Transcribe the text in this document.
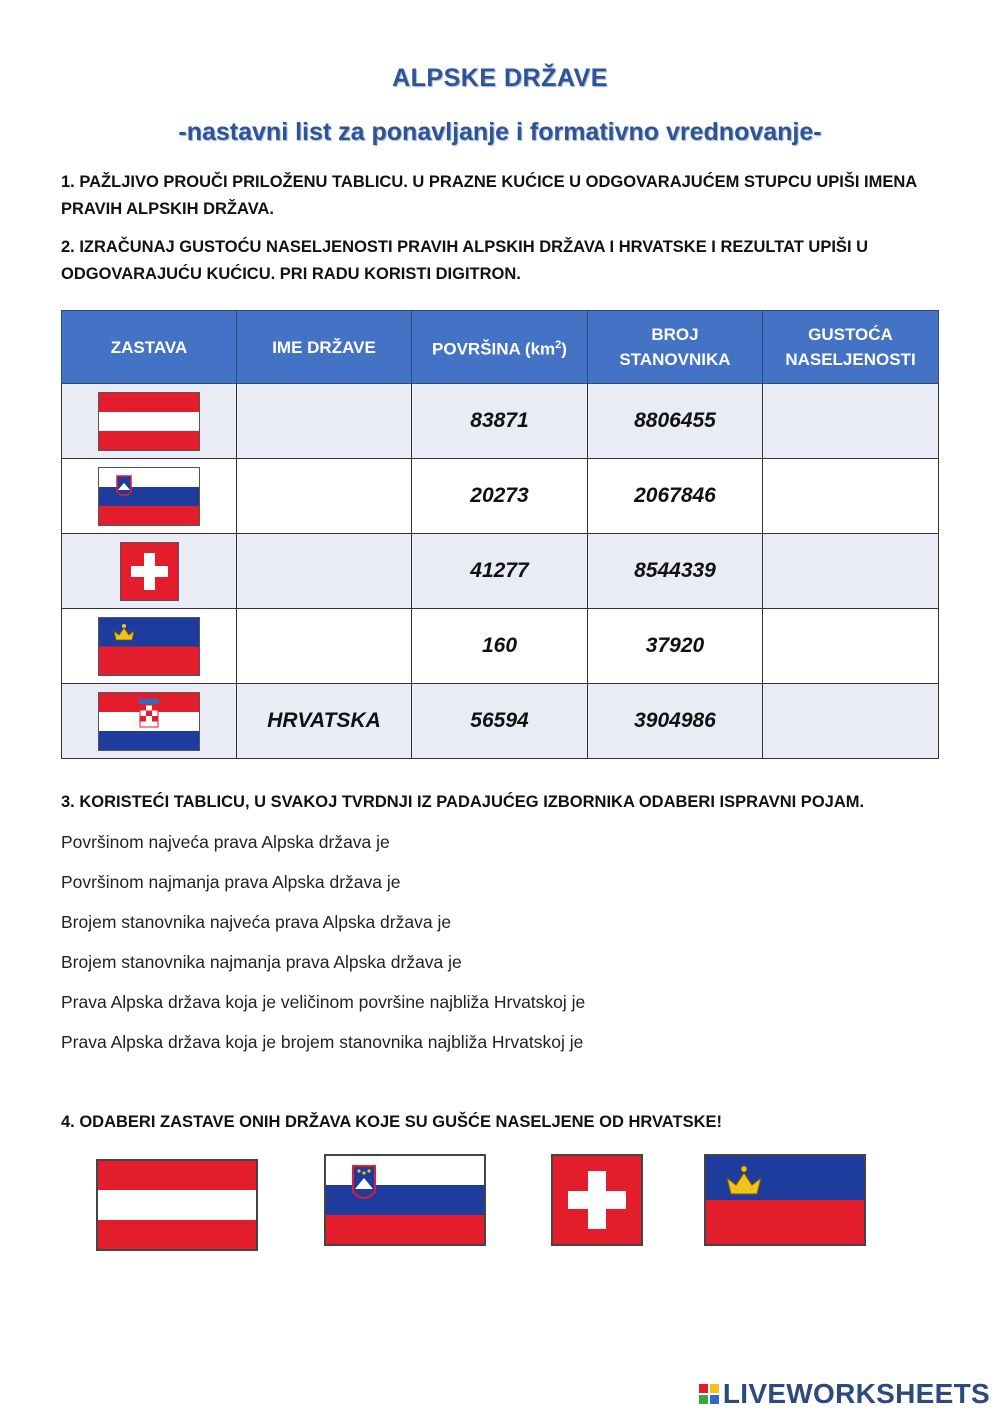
ALPSKE DRŽAVE
-nastavni list za ponavljanje i formativno vrednovanje-
1. PAŽLJIVO PROUČI PRILOŽENU TABLICU. U PRAZNE KUĆICE U ODGOVARAJUĆEM STUPCU UPIŠI IMENA PRAVIH ALPSKIH DRŽAVA.
2. IZRAČUNAJ GUSTOĆU NASELJENOSTI PRAVIH ALPSKIH DRŽAVA I HRVATSKE I REZULTAT UPIŠI U ODGOVARAJUĆU KUĆICU. PRI RADU KORISTI DIGITRON.
ZASTAVA	IME DRŽAVE	POVRŠINA $(km^2)$	BROJ STANOVNIKA	GUSTOĆA NASELJENOSTI

		83871	8806455	

		20273	2067846	

		41277	8544339	

		160	37920	

	HRVATSKA	56594	3904986	
3. KORISTEĆI TABLICU, U SVAKOJ TVRDNJI IZ PADAJUĆEG IZBORNIKA ODABERI ISPRAVNI POJAM.
Površinom najveća prava Alpska država je
Površinom najmanja prava Alpska država je
Brojem stanovnika najveća prava Alpska država je
Brojem stanovnika najmanja prava Alpska država je
Prava Alpska država koja je veličinom površine najbliža Hrvatskoj je
Prava Alpska država koja je brojem stanovnika najbliža Hrvatskoj je
4. ODABERI ZASTAVE ONIH DRŽAVA KOJE SU GUŠĆE NASELJENE OD HRVATSKE!
LIVEWORKSHEETS
